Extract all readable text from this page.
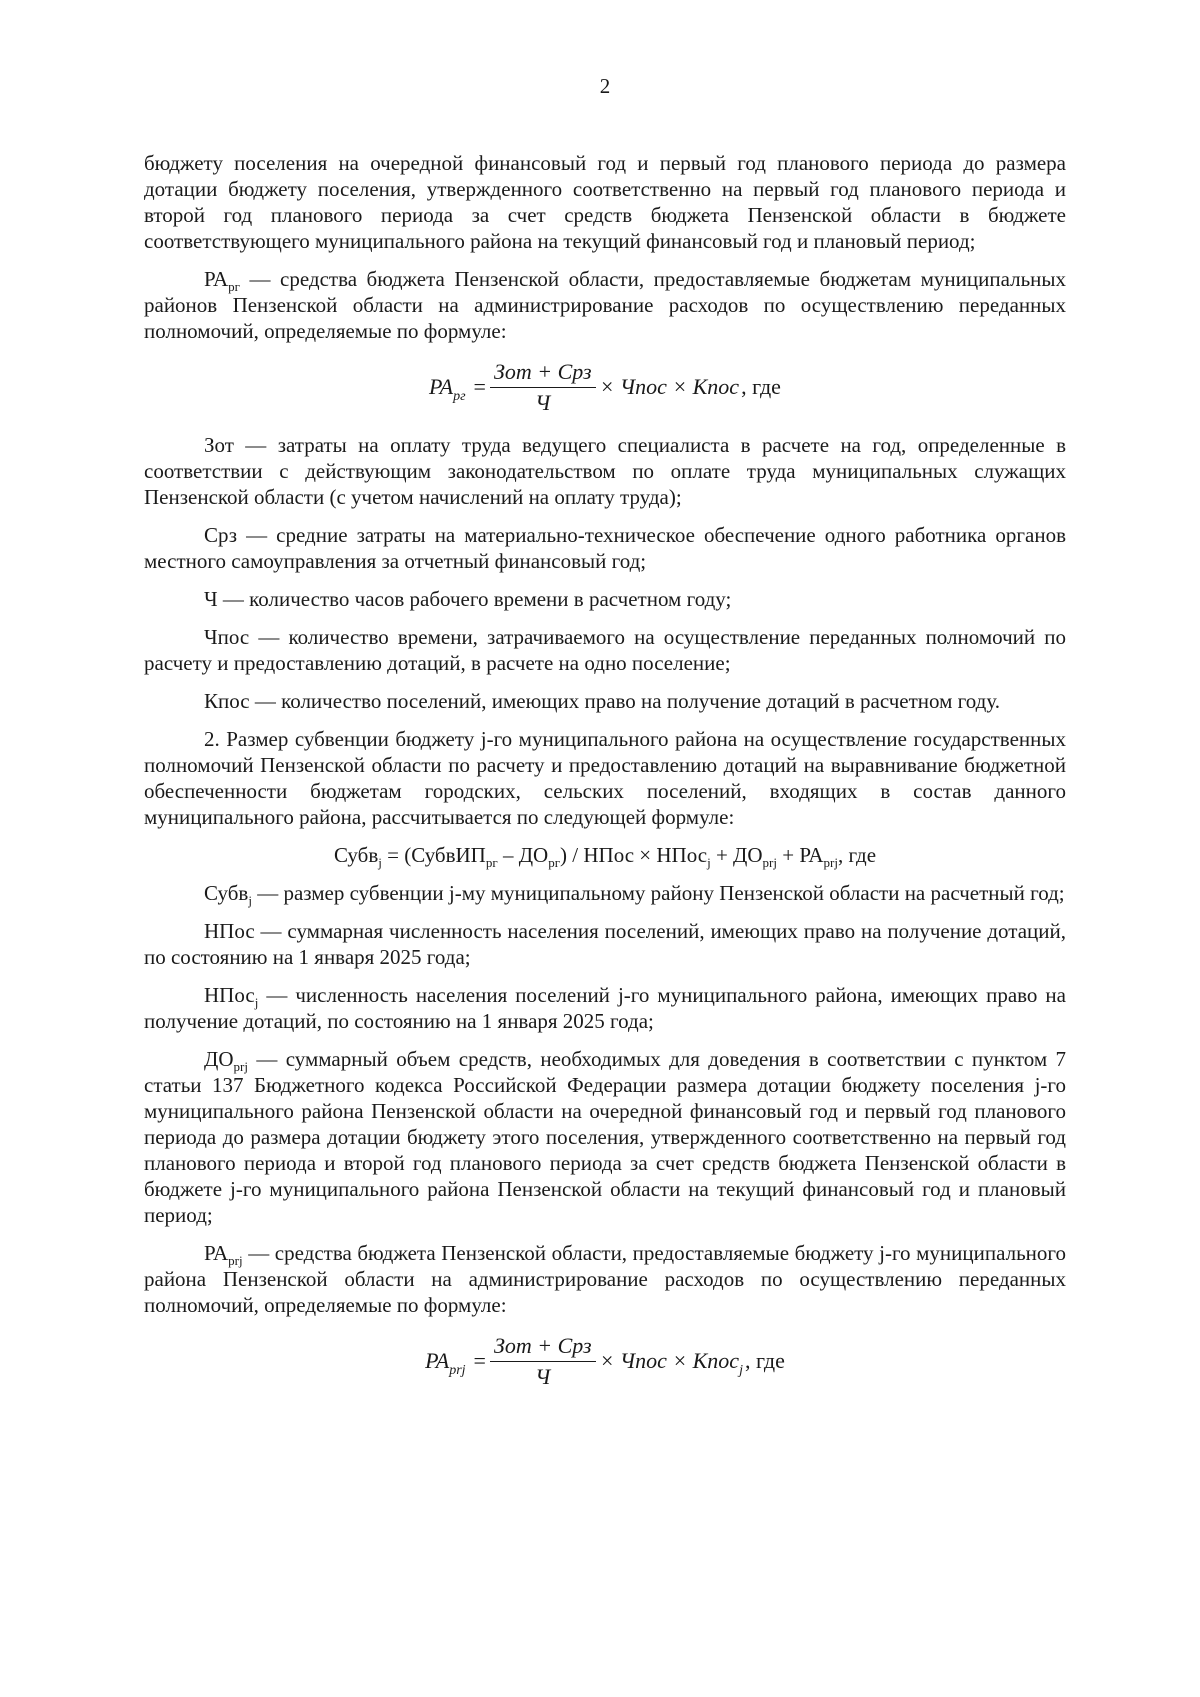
2

бюджету поселения на очередной финансовый год и первый год планового периода до размера дотации бюджету поселения, утвержденного соответственно на первый год планового периода и второй год планового периода за счет средств бюджета Пензенской области в бюджете соответствующего муниципального района на текущий финансовый год и плановый период;

$РА_{рг}$ — средства бюджета Пензенской области, предоставляемые бюджетам муниципальных районов Пензенской области на администрирование расходов по осуществлению переданных полномочий, определяемые по формуле:

$PA_{рг} = \frac{\text{Зот + Срз}}{Ч}$ × Чпос × Кпос , где

Зот — затраты на оплату труда ведущего специалиста в расчете на год, определенные в соответствии с действующим законодательством по оплате труда муниципальных служащих Пензенской области (с учетом начислений на оплату труда);

Срз — средние затраты на материально-техническое обеспечение одного работника органов местного самоуправления за отчетный финансовый год;

Ч — количество часов рабочего времени в расчетном году;

Чпос — количество времени, затрачиваемого на осуществление переданных полномочий по расчету и предоставлению дотаций, в расчете на одно поселение;

Кпос — количество поселений, имеющих право на получение дотаций в расчетном году.

2. Размер субвенции бюджету j-го муниципального района на осуществление государственных полномочий Пензенской области по расчету и предоставлению дотаций на выравнивание бюджетной обеспеченности бюджетам городских, сельских поселений, входящих в состав данного муниципального района, рассчитывается по следующей формуле:

Субв$_j$ = (СубвИП$_{рг}$ – $ДО_{рг}$) / НПос × НПос$_j$ + $ДО_{рrj} + РА_{рrj}$, где

Субв$_j$ — размер субвенции j-му муниципальному району Пензенской области на расчетный год;

НПос — суммарная численность населения поселений, имеющих право на получение дотаций, по состоянию на 1 января 2025 года;

НПос$_j$ — численность населения поселений j-го муниципального района, имеющих право на получение дотаций, по состоянию на 1 января 2025 года;

$ДО_{рrj}$ — суммарный объем средств, необходимых для доведения в соответствии с пунктом 7 статьи 137 Бюджетного кодекса Российской Федерации размера дотации бюджету поселения j-го муниципального района Пензенской области на очередной финансовый год и первый год планового периода до размера дотации бюджету этого поселения, утвержденного соответственно на первый год планового периода и второй год планового периода за счет средств бюджета Пензенской области в бюджете j-го муниципального района Пензенской области на текущий финансовый год и плановый период;

$РА_{рrj}$ — средства бюджета Пензенской области, предоставляемые бюджету j-го муниципального района Пензенской области на администрирование расходов по осуществлению переданных полномочий, определяемые по формуле:

$PA_{рrj} = \frac{\text{Зот + Срз}}{Ч}$ × Чпос × Кпос$_j$ , где
